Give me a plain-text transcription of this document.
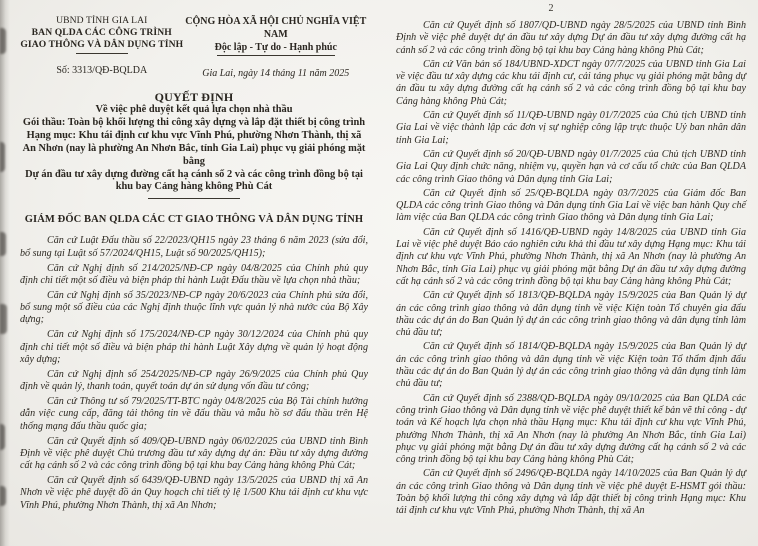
UBND TỈNH GIA LAI
BAN QLDA CÁC CÔNG TRÌNH
GIAO THÔNG VÀ DÂN DỤNG TỈNH
Số: 3313/QĐ-BQLDA
CỘNG HÒA XÃ HỘI CHỦ NGHĨA VIỆT NAM
Độc lập - Tự do - Hạnh phúc
Gia Lai, ngày 14 tháng 11 năm 2025
QUYẾT ĐỊNH
Về việc phê duyệt kết quả lựa chọn nhà thầu
Gói thầu: Toàn bộ khối lượng thi công xây dựng và lắp đặt thiết bị công trình
Hạng mục: Khu tái định cư khu vực Vĩnh Phú, phường Nhơn Thành, thị xã An Nhơn (nay là phường An Nhơn Bắc, tỉnh Gia Lai) phục vụ giải phóng mặt bằng
Dự án đầu tư xây dựng đường cất hạ cánh số 2 và các công trình đồng bộ tại khu bay Cảng hàng không Phù Cát
GIÁM ĐỐC BAN QLDA CÁC CT GIAO THÔNG VÀ DÂN DỤNG TỈNH

Căn cứ Luật Đấu thầu số 22/2023/QH15 ngày 23 tháng 6 năm 2023 (sửa đổi, bổ sung tại Luật số 57/2024/QH15, Luật số 90/2025/QH15);

Căn cứ Nghị định số 214/2025/NĐ-CP ngày 04/8/2025 của Chính phủ quy định chi tiết một số điều và biện pháp thi hành Luật Đấu thầu về lựa chọn nhà thầu;

Căn cứ Nghị định số 35/2023/NĐ-CP ngày 20/6/2023 của Chính phủ sửa đổi, bổ sung một số điều của các Nghị định thuộc lĩnh vực quản lý nhà nước của Bộ Xây dựng;

Căn cứ Nghị định số 175/2024/NĐ-CP ngày 30/12/2024 của Chính phủ quy định chi tiết một số điều và biện pháp thi hành Luật Xây dựng về quản lý hoạt động xây dựng;

Căn cứ Nghị định số 254/2025/NĐ-CP ngày 26/9/2025 của Chính phủ Quy định về quản lý, thanh toán, quyết toán dự án sử dụng vốn đầu tư công;

Căn cứ Thông tư số 79/2025/TT-BTC ngày 04/8/2025 của Bộ Tài chính hướng dẫn việc cung cấp, đăng tải thông tin về đấu thầu và mẫu hồ sơ đấu thầu trên Hệ thống mạng đấu thầu quốc gia;

Căn cứ Quyết định số 409/QĐ-UBND ngày 06/02/2025 của UBND tỉnh Bình Định về việc phê duyệt Chủ trương đầu tư xây dựng dự án: Đầu tư xây dựng đường cất hạ cánh số 2 và các công trình đồng bộ tại khu bay Cảng hàng không Phù Cát;

Căn cứ Quyết định số 6439/QĐ-UBND ngày 13/5/2025 của UBND thị xã An Nhơn về việc phê duyệt đồ án Quy hoạch chi tiết tỷ lệ 1/500 Khu tái định cư khu vực Vĩnh Phú, phường Nhơn Thành, thị xã An Nhơn;

2

Căn cứ Quyết định số 1807/QD-UBND ngày 28/5/2025 của UBND tỉnh Bình Định về việc phê duyệt dự án đầu tư xây dựng Dự án đầu tư xây dựng đường cất hạ cánh số 2 và các công trình đồng bộ tại khu bay Cảng hàng không Phù Cát;

Căn cứ Văn bản số 184/UBND-XDCT ngày 07/7/2025 của UBND tỉnh Gia Lai về việc đầu tư xây dựng các khu tái định cư, cải táng phục vụ giải phóng mặt bằng dự án đầu tu xây dựng đường cất hạ cánh số 2 và các công trình đồng bộ tại khu bay Cảng hàng không Phù Cát;

Căn cứ Quyết định số 11/QĐ-UBND ngày 01/7/2025 của Chủ tịch UBND tỉnh Gia Lai về việc thành lập các đơn vị sự nghiệp công lập trực thuộc Uỷ ban nhân dân tỉnh Gia Lai;

Căn cứ Quyết định số 20/QĐ-UBND ngày 01/7/2025 của Chủ tịch UBND tỉnh Gia Lai Quy định chức năng, nhiệm vụ, quyền hạn và cơ cấu tổ chức của Ban QLDA các công trình Giao thông và Dân dụng tỉnh Gia Lai;

Căn cứ Quyết định số 25/QĐ-BQLDA ngày 03/7/2025 của Giám đốc Ban QLDA các công trình Giao thông và Dân dụng tỉnh Gia Lai về việc ban hành Quy chế làm việc của Ban QLDA các công trình Giao thông và Dân dụng tỉnh Gia Lai;

Căn cứ Quyết định số 1416/QĐ-UBND ngày 14/8/2025 của UBND tỉnh Gia Lai về việc phê duyệt Báo cáo nghiên cứu khả thi đầu tư xây dựng Hạng mục: Khu tái định cư khu vực Vĩnh Phú, phường Nhơn Thành, thị xã An Nhơn (nay là phường An Nhơn Bắc, tỉnh Gia Lai) phục vụ giải phóng mặt bằng Dự án đầu tư xây dựng đường cất hạ cánh số 2 và các công trình đồng bộ tại khu bay Cảng hàng không Phù Cát;

Căn cứ Quyết định số 1813/QĐ-BQLDA ngày 15/9/2025 của Ban Quản lý dự án các công trình giao thông và dân dụng tỉnh về việc Kiện toàn Tổ chuyên gia đấu thầu các dự án do Ban Quản lý dự án các công trình giao thông và dân dụng tỉnh làm chủ đầu tư;

Căn cứ Quyết định số 1814/QĐ-BQLDA ngày 15/9/2025 của Ban Quản lý dự án các công trình giao thông và dân dụng tỉnh về việc Kiện toàn Tổ thẩm định đấu thầu các dự án do Ban Quản lý dự án các công trình giao thông và dân dụng tỉnh làm chủ đầu tư;

Căn cứ Quyết định số 2388/QD-BQLDA ngày 09/10/2025 của Ban QLDA các công trình Giao thông và Dân dụng tỉnh về việc phê duyệt thiết kế bản vẽ thi công - dự toán và Kế hoạch lựa chọn nhà thầu Hạng mục: Khu tái định cư khu vực Vĩnh Phú, phường Nhơn Thành, thị xã An Nhơn (nay là phường An Nhơn Bắc, tỉnh Gia Lai) phục vụ giải phóng mặt bằng Dự án đầu tư xây dựng đường cất hạ cánh số 2 và các công trình đồng bộ tại khu bay Cảng hàng không Phù Cát;

Căn cứ Quyết định số 2496/QĐ-BQLDA ngày 14/10/2025 của Ban Quản lý dự án các công trình Giao thông và Dân dụng tỉnh về việc phê duyệt E-HSMT gói thầu: Toàn bộ khối lượng thi công xây dựng và lắp đặt thiết bị công trình Hạng mục: Khu tái định cư khu vực Vĩnh Phú, phường Nhơn Thành, thị xã An
